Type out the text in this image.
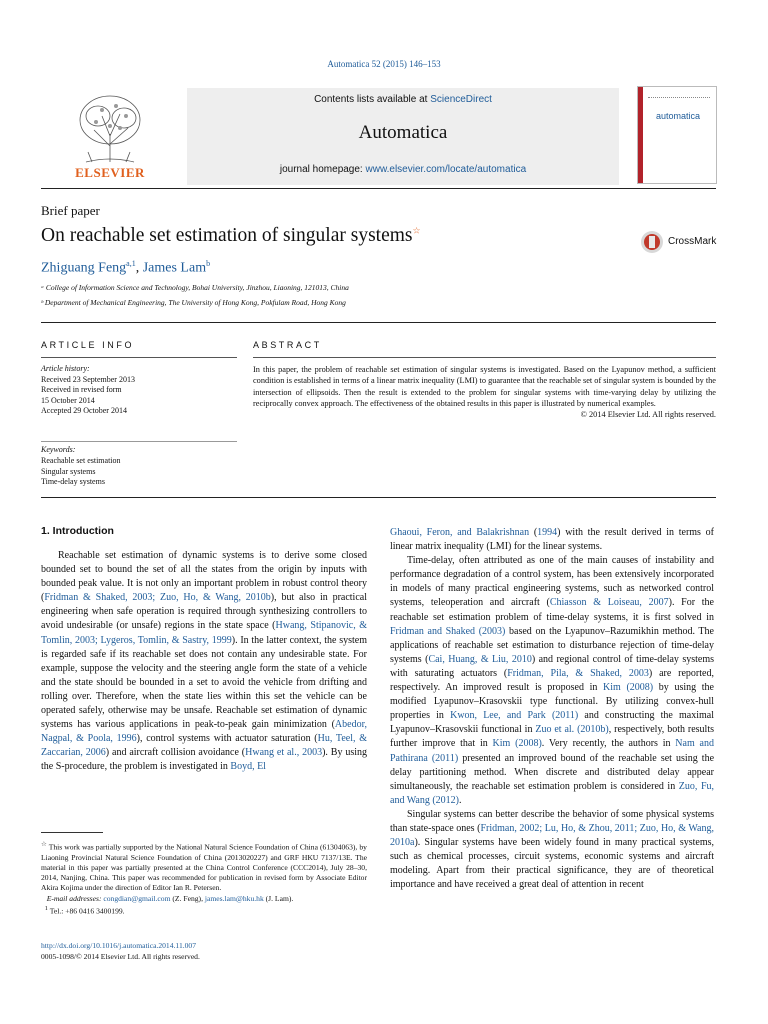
Automatica 52 (2015) 146–153
Contents lists available at ScienceDirect
Automatica
journal homepage: www.elsevier.com/locate/automatica
ELSEVIER
automatica
Brief paper
On reachable set estimation of singular systems☆
CrossMark
Zhiguang Feng$^{a,1}$, James Lam$^b$
ᵃ College of Information Science and Technology, Bohai University, Jinzhou, Liaoning, 121013, China
ᵇ Department of Mechanical Engineering, The University of Hong Kong, Pokfulam Road, Hong Kong
ARTICLE INFO
Article history:
Received 23 September 2013
Received in revised form
15 October 2014
Accepted 29 October 2014
Keywords:
Reachable set estimation
Singular systems
Time-delay systems
ABSTRACT
In this paper, the problem of reachable set estimation of singular systems is investigated. Based on the Lyapunov method, a sufficient condition is established in terms of a linear matrix inequality (LMI) to guarantee that the reachable set of singular system is bounded by the intersection of ellipsoids. Then the result is extended to the problem for singular systems with time-varying delay by utilizing the reciprocally convex approach. The effectiveness of the obtained results in this paper is illustrated by numerical examples.
© 2014 Elsevier Ltd. All rights reserved.
1. Introduction

Reachable set estimation of dynamic systems is to derive some closed bounded set to bound the set of all the states from the origin by inputs with bounded peak value. It is not only an important problem in robust control theory (Fridman & Shaked, 2003; Zuo, Ho, & Wang, 2010b), but also in practical engineering when safe operation is required through synthesizing controllers to avoid undesirable (or unsafe) regions in the state space (Hwang, Stipanovic, & Tomlin, 2003; Lygeros, Tomlin, & Sastry, 1999). In the latter context, the system is regarded safe if its reachable set does not contain any undesirable state. For example, suppose the velocity and the steering angle form the state of a vehicle and the state should be bounded in a set to avoid the vehicle from drifting and rolling over. Therefore, when the state lies within this set the vehicle can be operated safely, otherwise may be unsafe. Reachable set estimation of dynamic systems has various applications in peak-to-peak gain minimization (Abedor, Nagpal, & Poola, 1996), control systems with actuator saturation (Hu, Teel, & Zaccarian, 2006) and aircraft collision avoidance (Hwang et al., 2003). By using the S-procedure, the problem is investigated in Boyd, El

Ghaoui, Feron, and Balakrishnan (1994) with the result derived in terms of linear matrix inequality (LMI) for the linear systems.

Time-delay, often attributed as one of the main causes of instability and performance degradation of a control system, has been extensively incorporated in models of many practical engineering systems, such as networked control systems, teleoperation and aircraft (Chiasson & Loiseau, 2007). For the reachable set estimation problem of time-delay systems, it is first solved in Fridman and Shaked (2003) based on the Lyapunov–Razumikhin method. The applications of reachable set estimation to disturbance rejection of time-delay systems (Cai, Huang, & Liu, 2010) and regional control of time-delay systems with saturating actuators (Fridman, Pila, & Shaked, 2003) are reported, respectively. An improved result is proposed in Kim (2008) by using the modified Lyapunov–Krasovskii type functional. By utilizing convex-hull properties in Kwon, Lee, and Park (2011) and constructing the maximal Lyapunov–Krasovskii functional in Zuo et al. (2010b), respectively, both results further improve that in Kim (2008). Very recently, the authors in Nam and Pathirana (2011) presented an improved bound of the reachable set using the delay partitioning method. When discrete and distributed delay appear simultaneously, the reachable set estimation problem is considered in Zuo, Fu, and Wang (2012).

Singular systems can better describe the behavior of some physical systems than state-space ones (Fridman, 2002; Lu, Ho, & Zhou, 2011; Zuo, Ho, & Wang, 2010a). Singular systems have been widely found in many practical systems, such as chemical processes, circuit systems, economic systems and aircraft modeling. Apart from their practical significance, they are of theoretical importance and have received a great deal of attention in recent

☆ This work was partially supported by the National Natural Science Foundation of China (61304063), by Liaoning Provincial Natural Science Foundation of China (2013020227) and GRF HKU 7137/13E. The material in this paper was partially presented at the China Control Conference (CCC2014), July 28–30, 2014, Nanjing, China. This paper was recommended for publication in revised form by Associate Editor Akira Kojima under the direction of Editor Ian R. Petersen.

E-mail addresses: congdian@gmail.com (Z. Feng), james.lam@hku.hk (J. Lam).

$^1$ Tel.: +86 0416 3400199.

http://dx.doi.org/10.1016/j.automatica.2014.11.007
0005-1098/© 2014 Elsevier Ltd. All rights reserved.
